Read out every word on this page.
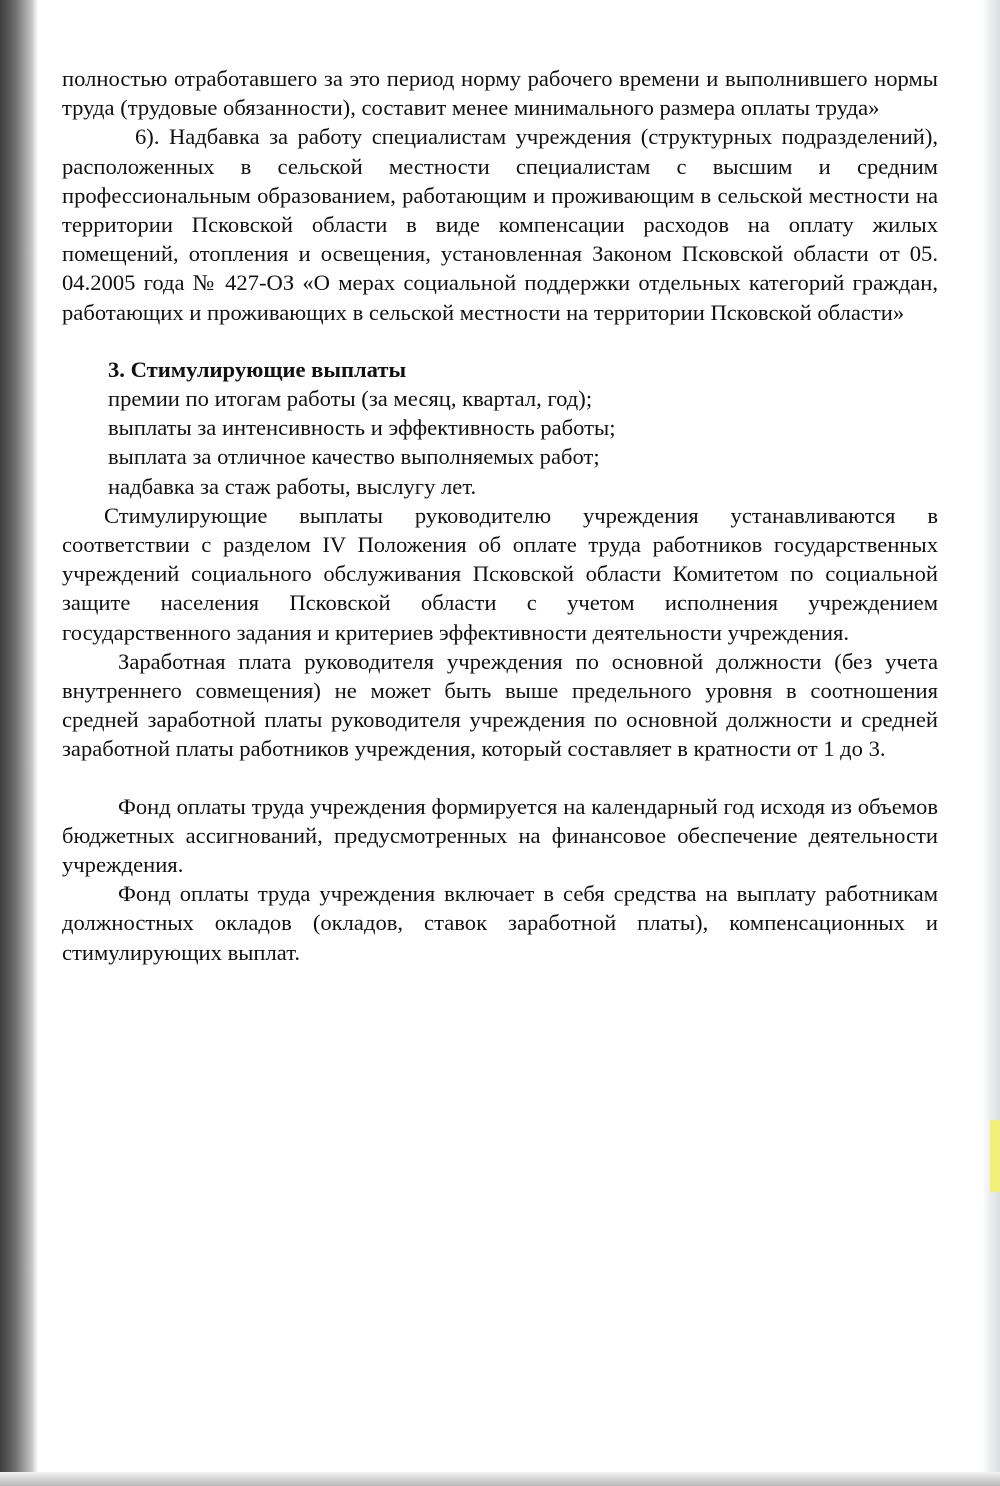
полностью отработавшего за это период норму рабочего времени и выполнившего нормы труда (трудовые обязанности), составит менее минимального размера оплаты труда»

6). Надбавка за работу специалистам учреждения (структурных подразделений), расположенных в сельской местности специалистам с высшим и средним профессиональным образованием, работающим и проживающим в сельской местности на территории Псковской области в виде компенсации расходов на оплату жилых помещений, отопления и освещения, установленная Законом Псковской области от 05. 04.2005 года № 427-ОЗ «О мерах социальной поддержки отдельных категорий граждан, работающих и проживающих в сельской местности на территории Псковской области»

3. Стимулирующие выплаты

премии по итогам работы (за месяц, квартал, год);

выплаты за интенсивность и эффективность работы;

выплата за отличное качество выполняемых работ;

надбавка за стаж работы, выслугу лет.

Стимулирующие выплаты руководителю учреждения устанавливаются в соответствии с разделом IV Положения об оплате труда работников государственных учреждений социального обслуживания Псковской области Комитетом по социальной защите населения Псковской области с учетом исполнения учреждением государственного задания и критериев эффективности деятельности учреждения.

Заработная плата руководителя учреждения по основной должности (без учета внутреннего совмещения) не может быть выше предельного уровня в соотношения средней заработной платы руководителя учреждения по основной должности и средней заработной платы работников учреждения, который составляет в кратности от 1 до 3.

Фонд оплаты труда учреждения формируется на календарный год исходя из объемов бюджетных ассигнований, предусмотренных на финансовое обеспечение деятельности учреждения.

Фонд оплаты труда учреждения включает в себя средства на выплату работникам должностных окладов (окладов, ставок заработной платы), компенсационных и стимулирующих выплат.
